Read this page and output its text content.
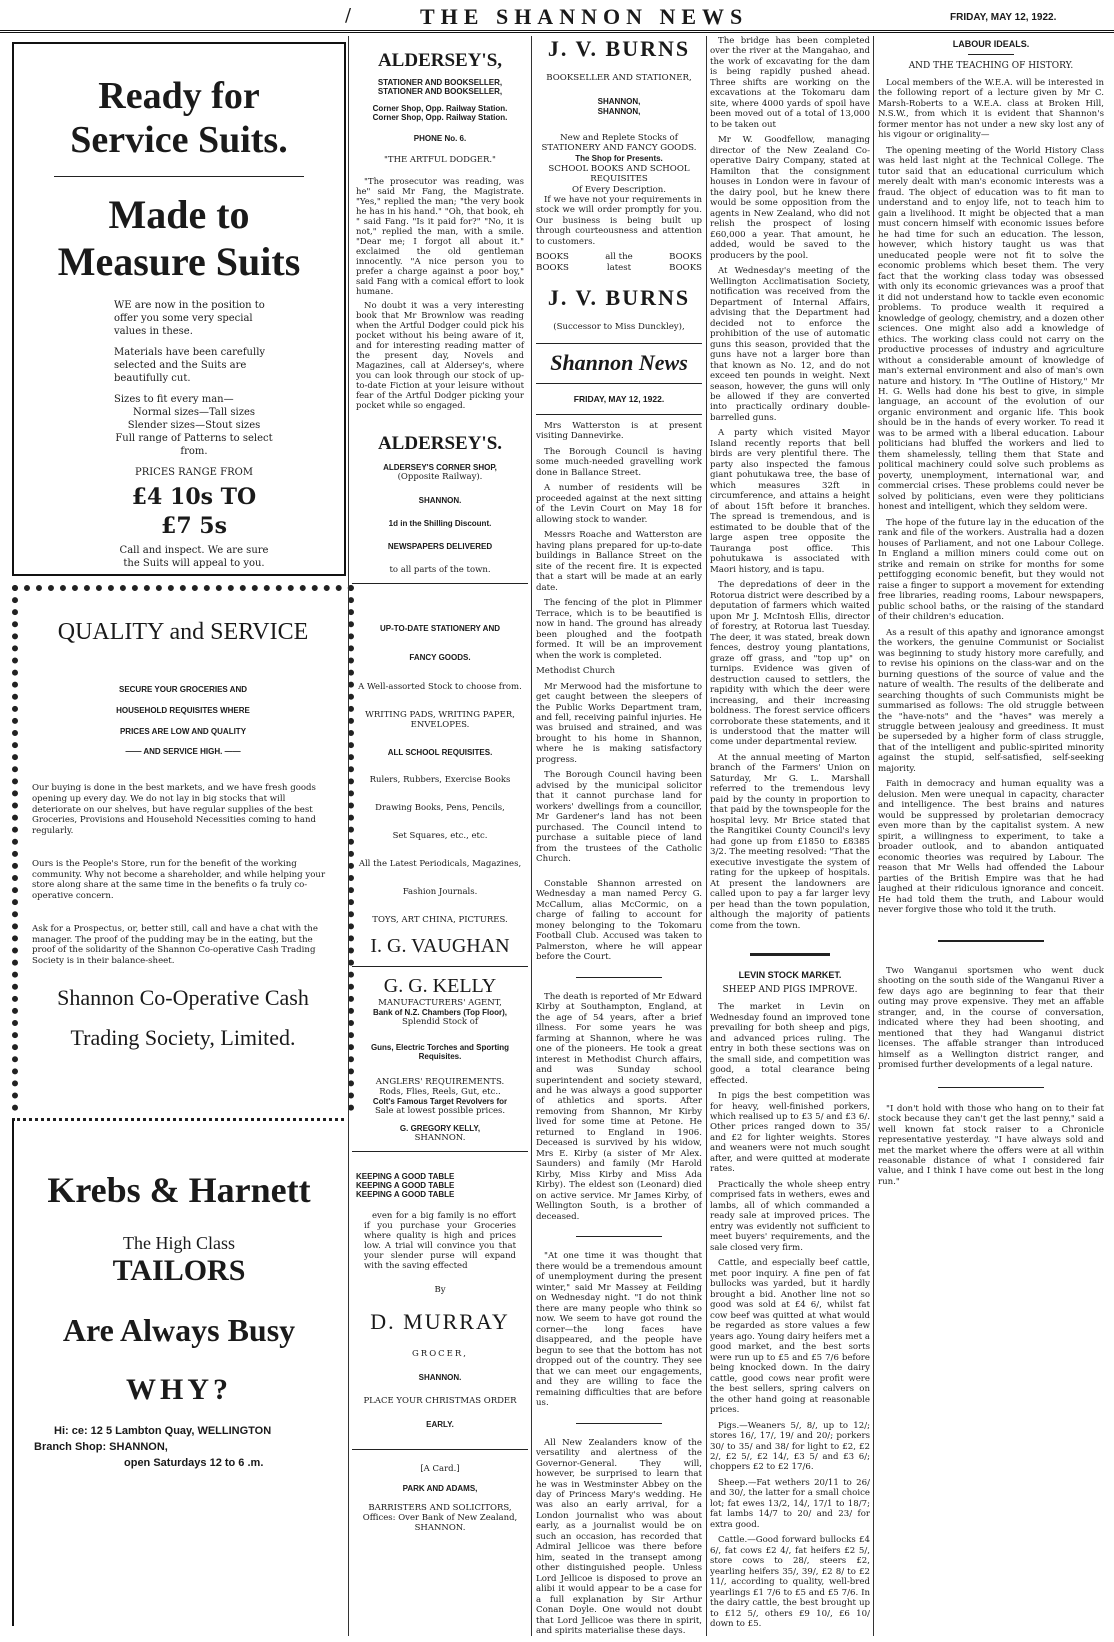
/	THE SHANNON NEWS	FRIDAY, MAY 12, 1922.
Ready for
Service Suits.
Made to
Measure Suits

WE are now in the position to offer you some very special values in these.

Materials have been carefully selected and the Suits are beautifully cut.

Sizes to fit every man—
Normal sizes—Tall sizes
Slender sizes—Stout sizes
Full range of Patterns to select from.
PRICES RANGE FROM
£4 10s TO £7 5s
Call and inspect. We are sure the Suits will appeal to you.
QUALITY and SERVICE
SECURE YOUR GROCERIES AND
HOUSEHOLD REQUISITES WHERE
PRICES ARE LOW AND QUALITY
—— AND SERVICE HIGH. ——

Our buying is done in the best markets, and we have fresh goods opening up every day. We do not lay in big stocks that will deteriorate on our shelves, but have regular supplies of the best Groceries, Provisions and Household Necessities coming to hand regularly.

Ours is the People's Store, run for the benefit of the working community. Why not become a shareholder, and while helping your store along share at the same time in the benefits o fa truly co-operative concern.

Ask for a Prospectus, or, better still, call and have a chat with the manager. The proof of the pudding may be in the eating, but the proof of the solidarity of the Shannon Co-operative Cash Trading Society is in their balance-sheet.

Shannon Co-Operative Cash
Trading Society, Limited.
Krebs & Harnett
The High Class
TAILORS
Are Always Busy
WHY?
Hi: ce: 12 5 Lambton Quay, WELLINGTON
Branch Shop: SHANNON,
open Saturdays 12 to 6 .m.
ALDERSEY'S,
STATIONER AND BOOKSELLER,
STATIONER AND BOOKSELLER,
Corner Shop, Opp. Railway Station.
Corner Shop, Opp. Railway Station.
PHONE No. 6.
"THE ARTFUL DODGER."

"The prosecutor was reading, was he" said Mr Fang, the Magistrate. "Yes," replied the man; "the very book he has in his hand." "Oh, that book, eh " said Fang. "Is it paid for?" "No, it is not," replied the man, with a smile. "Dear me; I forgot all about it." exclaimed the old gentleman innocently. "A nice person you to prefer a charge against a poor boy," said Fang with a comical effort to look humane.

No doubt it was a very interesting book that Mr Brownlow was reading when the Artful Dodger could pick his pocket without his being aware of it, and for interesting reading matter of the present day, Novels and Magazines, call at Aldersey's, where you can look through our stock of up-to-date Fiction at your leisure without fear of the Artful Dodger picking your pocket while so engaged.

ALDERSEY'S.
ALDERSEY'S CORNER SHOP,
(Opposite Railway).
SHANNON.
1d in the Shilling Discount.
NEWSPAPERS DELIVERED
to all parts of the town.
UP-TO-DATE STATIONERY AND
FANCY GOODS.
A Well-assorted Stock to choose from.
WRITING PADS, WRITING PAPER, ENVELOPES.
ALL SCHOOL REQUISITES.
Rulers, Rubbers, Exercise Books
Drawing Books, Pens, Pencils,
Set Squares, etc., etc.
All the Latest Periodicals, Magazines,
Fashion Journals.
TOYS, ART CHINA, PICTURES.
I. G. VAUGHAN
G. G. KELLY
MANUFACTURERS' AGENT,
Bank of N.Z. Chambers (Top Floor),
Splendid Stock of
Guns, Electric Torches and Sporting Requisites.
ANGLERS' REQUIREMENTS.
Rods, Flies, Reels, Gut, etc..
Colt's Famous Target Revolvers for
Sale at lowest possible prices.
G. GREGORY KELLY,
SHANNON.
KEEPING A GOOD TABLE
KEEPING A GOOD TABLE
KEEPING A GOOD TABLE

even for a big family is no effort if you purchase your Groceries where quality is high and prices low. A trial will convince you that your slender purse will expand with the saving effected

By
D. MURRAY
GROCER,
SHANNON.
PLACE YOUR CHRISTMAS ORDER
EARLY.
[A Card.]
PARK AND ADAMS,
BARRISTERS AND SOLICITORS,
Offices: Over Bank of New Zealand,
SHANNON.
J. V. BURNS
BOOKSELLER AND STATIONER,
SHANNON,
SHANNON,
New and Replete Stocks of
STATIONERY AND FANCY GOODS.
The Shop for Presents.
SCHOOL BOOKS AND SCHOOL REQUISITES
Of Every Description.

If we have not your requirements in stock we will order promptly for you. Our business is being built up through courteousness and attention to customers.

BOOKS	all the	BOOKS
BOOKS	latest	BOOKS
J. V. BURNS
(Successor to Miss Dunckley),
Shannon News
FRIDAY, MAY 12, 1922.

Mrs Watterston is at present visiting Dannevirke.

The Borough Council is having some much-needed gravelling work done in Ballance Street.

A number of residents will be proceeded against at the next sitting of the Levin Court on May 18 for allowing stock to wander.

Messrs Roache and Watterston are having plans prepared for up-to-date buildings in Ballance Street on the site of the recent fire. It is expected that a start will be made at an early date.

The fencing of the plot in Plimmer Terrace, which is to be beautified is now in hand. The ground has already been ploughed and the footpath formed. It will be an improvement when the work is completed.

Methodist Church

Mr Merwood had the misfortune to get caught between the sleepers of the Public Works Department tram, and fell, receiving painful injuries. He was bruised and strained, and was brought to his home in Shannon, where he is making satisfactory progress.

The Borough Council having been advised by the municipal solicitor that it cannot purchase land for workers' dwellings from a councillor, Mr Gardener's land has not been purchased. The Council intend to purchase a suitable piece of land from the trustees of the Catholic Church.

Constable Shannon arrested on Wednesday a man named Percy G. McCallum, alias McCormic, on a charge of failing to account for money belonging to the Tokomaru Football Club. Accused was taken to Palmerston, where he will appear before the Court.

The death is reported of Mr Edward Kirby at Southampton, England, at the age of 54 years, after a brief illness. For some years he was farming at Shannon, where he was one of the pioneers. He took a great interest in Methodist Church affairs, and was Sunday school superintendent and society steward, and he was always a good supporter of athletics and sports. After removing from Shannon, Mr Kirby lived for some time at Petone. He returned to England in 1906. Deceased is survived by his widow, Mrs E. Kirby (a sister of Mr Alex. Saunders) and family (Mr Harold Kirby, Miss Kirby and Miss Ada Kirby). The eldest son (Leonard) died on active service. Mr James Kirby, of Wellington South, is a brother of deceased.

"At one time it was thought that there would be a tremendous amount of unemployment during the present winter," said Mr Massey at Feilding on Wednesday night. "I do not think there are many people who think so now. We seem to have got round the corner—the long faces have disappeared, and the people have begun to see that the bottom has not dropped out of the country. They see that we can meet our engagements, and they are willing to face the remaining difficulties that are before us.

All New Zealanders know of the versatility and alertness of the Governor-General. They will, however, be surprised to learn that he was in Westminster Abbey on the day of Princess Mary's wedding. He was also an early arrival, for a London journalist who was about early, as a journalist would be on such an occasion, has recorded that Admiral Jellicoe was there before him, seated in the transept among other distinguished people. Unless Lord Jellicoe is disposed to prove an alibi it would appear to be a case for a full explanation by Sir Arthur Conan Doyle. One would not doubt that Lord Jellicoe was there in spirit, and spirits materialise these days.

The bridge has been completed over the river at the Mangahao, and the work of excavating for the dam is being rapidly pushed ahead. Three shifts are working on the excavations at the Tokomaru dam site, where 4000 yards of spoil have been moved out of a total of 13,000 to be taken out

Mr W. Goodfellow, managing director of the New Zealand Co-operative Dairy Company, stated at Hamilton that the consignment houses in London were in favour of the dairy pool, but he knew there would be some opposition from the agents in New Zealand, who did not relish the prospect of losing £60,000 a year. That amount, he added, would be saved to the producers by the pool.

At Wednesday's meeting of the Wellington Acclimatisation Society, notification was received from the Department of Internal Affairs, advising that the Department had decided not to enforce the prohibition of the use of automatic guns this season, provided that the guns have not a larger bore than that known as No. 12, and do not exceed ten pounds in weight. Next season, however, the guns will only be allowed if they are converted into practically ordinary double-barrelled guns.

A party which visited Mayor Island recently reports that bell birds are very plentiful there. The party also inspected the famous giant pohutukawa tree, the base of which measures 32ft in circumference, and attains a height of about 15ft before it branches. The spread is tremendous, and is estimated to be double that of the large aspen tree opposite the Tauranga post office. This pohutukawa is associated with Maori history, and is tapu.

The depredations of deer in the Rotorua district were described by a deputation of farmers which waited upon Mr J. McIntosh Ellis, director of forestry, at Rotorua last Tuesday. The deer, it was stated, break down fences, destroy young plantations, graze off grass, and "top up" on turnips. Evidence was given of destruction caused to settlers, the rapidity with which the deer were increasing, and their increasing boldness. The forest service officers corroborate these statements, and it is understood that the matter will come under departmental review.

At the annual meeting of Marton branch of the Farmers' Union on Saturday, Mr G. L. Marshall referred to the tremendous levy paid by the county in proportion to that paid by the townspeople for the hospital levy. Mr Brice stated that the Rangitikei County Council's levy had gone up from £1850 to £8385 3/2. The meeting resolved: "That the executive investigate the system of rating for the upkeep of hospitals. At present the landowners are called upon to pay a far larger levy per head than the town population, although the majority of patients come from the town.

LEVIN STOCK MARKET.
SHEEP AND PIGS IMPROVE.

The market in Levin on Wednesday found an improved tone prevailing for both sheep and pigs, and advanced prices ruling. The entry in both these sections was on the small side, and competition was good, a total clearance being effected.

In pigs the best competition was for heavy, well-finished porkers, which realised up to £3 5/ and £3 6/. Other prices ranged down to 35/ and £2 for lighter weights. Stores and weaners were not much sought after, and were quitted at moderate rates.

Practically the whole sheep entry comprised fats in wethers, ewes and lambs, all of which commanded a ready sale at improved prices. The entry was evidently not sufficient to meet buyers' requirements, and the sale closed very firm.

Cattle, and especially beef cattle, met poor inquiry. A fine pen of fat bullocks was yarded, but it hardly brought a bid. Another line not so good was sold at £4 6/, whilst fat cow beef was quitted at what would be regarded as store values a few years ago. Young dairy heifers met a good market, and the best sorts were run up to £5 and £5 7/6 before being knocked down. In the dairy cattle, good cows near profit were the best sellers, spring calvers on the other hand going at reasonable prices.

Pigs.—Weaners 5/, 8/, up to 12/; stores 16/, 17/, 19/ and 20/; porkers 30/ to 35/ and 38/ for light to £2, £2 2/, £2 5/, £2 14/, £3 5/ and £3 6/; choppers £2 to £2 17/6.

Sheep.—Fat wethers 20/11 to 26/ and 30/, the latter for a small choice lot; fat ewes 13/2, 14/, 17/1 to 18/7; fat lambs 14/7 to 20/ and 23/ for extra good.

Cattle.—Good forward bullocks £4 6/, fat cows £2 4/, fat heifers £2 5/, store cows to 28/, steers £2, yearling heifers 35/, 39/, £2 8/ to £2 11/, according to quality, well-bred yearlings £1 7/6 to £5 and £5 7/6. In the dairy cattle, the best brought up to £12 5/, others £9 10/, £6 10/ down to £5.

LABOUR IDEALS.
AND THE TEACHING OF HISTORY.

Local members of the W.E.A. will be interested in the following report of a lecture given by Mr C. Marsh-Roberts to a W.E.A. class at Broken Hill, N.S.W., from which it is evident that Shannon's former mentor has not under a new sky lost any of his vigour or originality—

The opening meeting of the World History Class was held last night at the Technical College. The tutor said that an educational curriculum which merely dealt with man's economic interests was a fraud. The object of education was to fit man to understand and to enjoy life, not to teach him to gain a livelihood. It might be objected that a man must concern himself with economic issues before he had time for such an education. The lesson, however, which history taught us was that uneducated people were not fit to solve the economic problems which beset them. The very fact that the working class today was obsessed with only its economic grievances was a proof that it did not understand how to tackle even economic problems. To produce wealth it required a knowledge of geology, chemistry, and a dozen other sciences. One might also add a knowledge of ethics. The working class could not carry on the productive processes of industry and agriculture without a considerable amount of knowledge of man's external environment and also of man's own nature and history. In "The Outline of History," Mr H. G. Wells had done his best to give, in simple language, an account of the evolution of our organic environment and organic life. This book should be in the hands of every worker. To read it was to be armed with a liberal education. Labour politicians had bluffed the workers and lied to them shamelessly, telling them that State and political machinery could solve such problems as poverty, unemployment, international war, and commercial crises. These problems could never be solved by politicians, even were they politicians honest and intelligent, which they seldom were.

The hope of the future lay in the education of the rank and file of the workers. Australia had a dozen houses of Parliament, and not one Labour College. In England a million miners could come out on strike and remain on strike for months for some pettifogging economic benefit, but they would not raise a finger to support a movement for extending free libraries, reading rooms, Labour newspapers, public school baths, or the raising of the standard of their children's education.

As a result of this apathy and ignorance amongst the workers, the genuine Communist or Socialist was beginning to study history more carefully, and to revise his opinions on the class-war and on the burning questions of the source of value and the nature of wealth. The results of the deliberate and searching thoughts of such Communists might be summarised as follows: The old struggle between the "have-nots" and the "haves" was merely a struggle between jealousy and greediness. It must be superseded by a higher form of class struggle, that of the intelligent and public-spirited minority against the stupid, self-satisfied, self-seeking majority.

Faith in democracy and human equality was a delusion. Men were unequal in capacity, character and intelligence. The best brains and natures would be suppressed by proletarian democracy even more than by the capitalist system. A new spirit, a willingness to experiment, to take a broader outlook, and to abandon antiquated economic theories was required by Labour. The reason that Mr Wells had offended the Labour parties of the British Empire was that he had laughed at their ridiculous ignorance and conceit. He had told them the truth, and Labour would never forgive those who told it the truth.

Two Wanganui sportsmen who went duck shooting on the south side of the Wanganui River a few days ago are beginning to fear that their outing may prove expensive. They met an affable stranger, and, in the course of conversation, indicated where they had been shooting, and mentioned that they had Wanganui district licenses. The affable stranger than introduced himself as a Wellington district ranger, and promised further developments of a legal nature.

"I don't hold with those who hang on to their fat stock because they can't get the last penny," said a well known fat stock raiser to a Chronicle representative yesterday. "I have always sold and met the market where the offers were at all within reasonable distance of what I considered fair value, and I think I have come out best in the long run."
